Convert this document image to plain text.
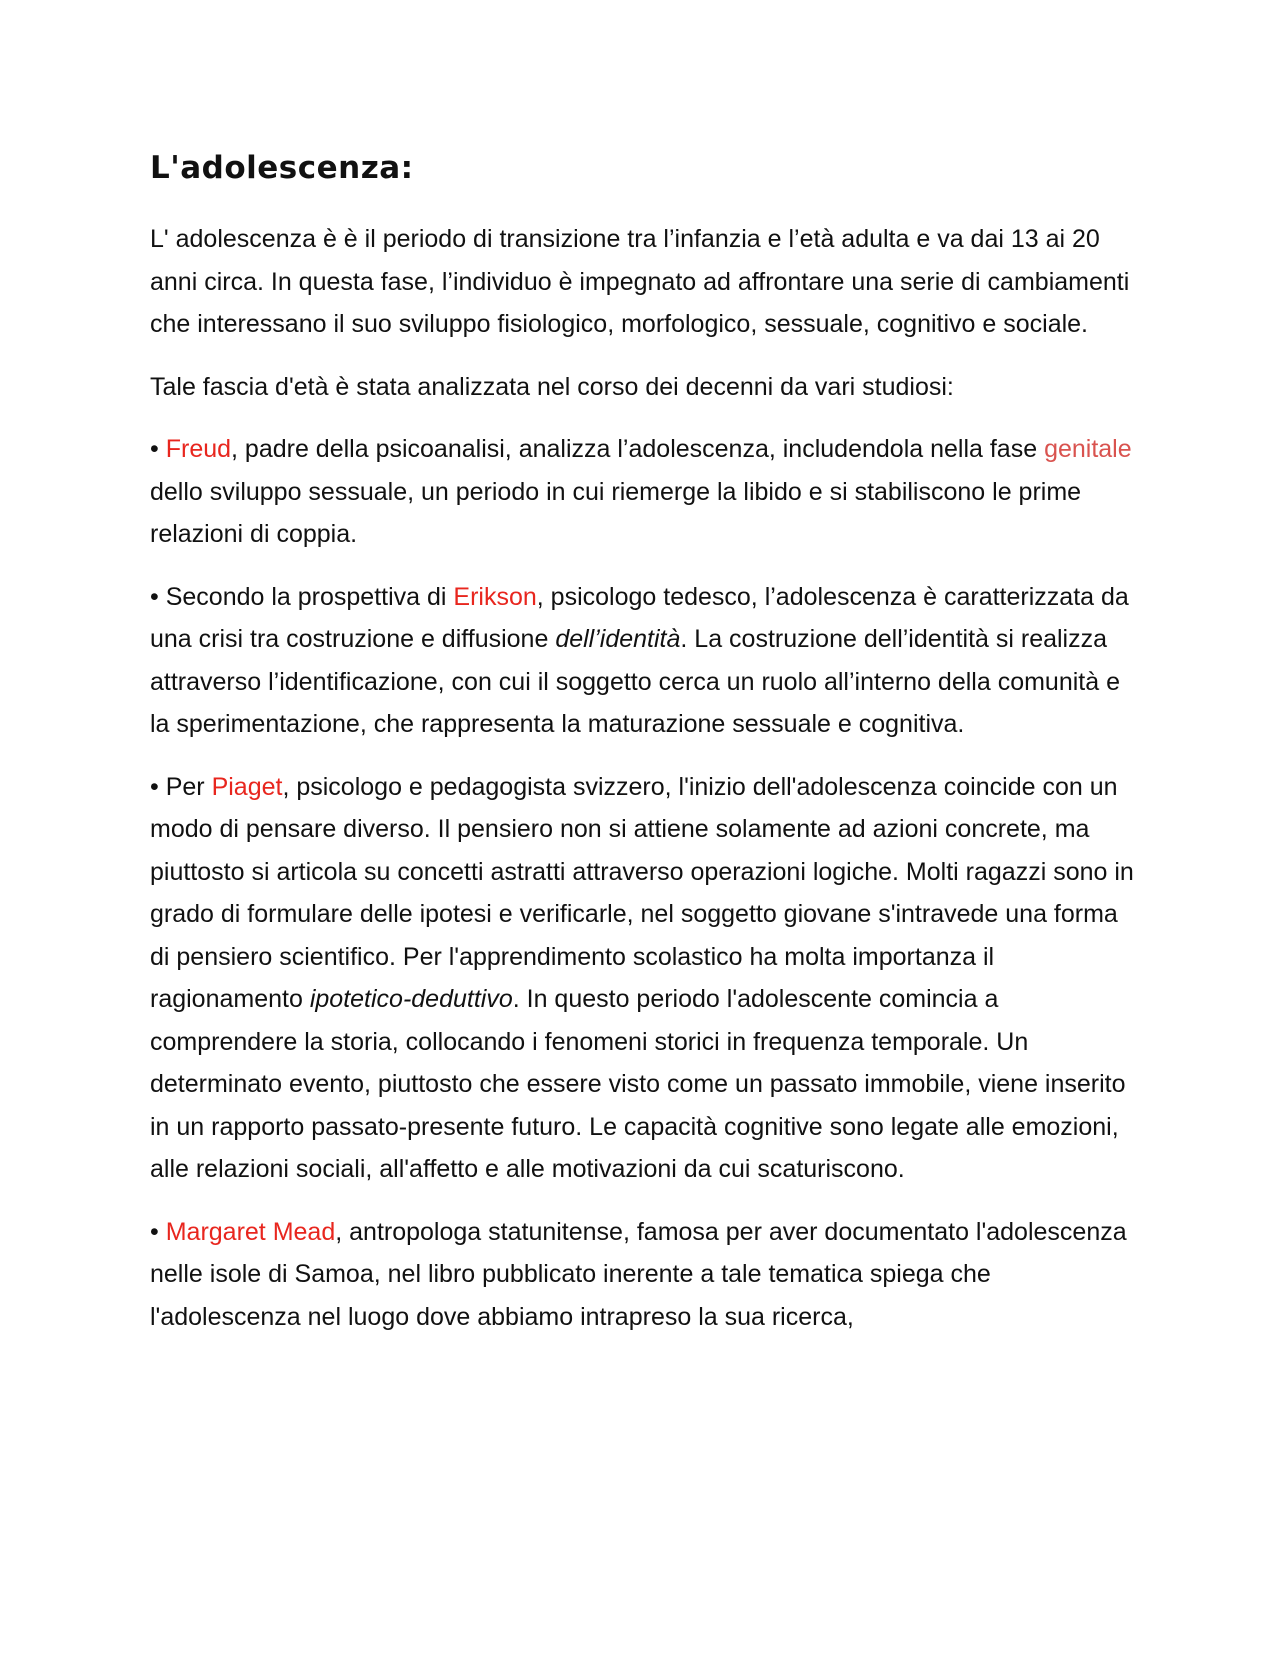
L'adolescenza:

L' adolescenza è è il periodo di transizione tra l’infanzia e l’età adulta e va dai 13 ai 20 anni circa. In questa fase, l’individuo è impegnato ad affrontare una serie di cambiamenti che interessano il suo sviluppo fisiologico, morfologico, sessuale, cognitivo e sociale.

Tale fascia d'età è stata analizzata nel corso dei decenni da vari studiosi:

• Freud, padre della psicoanalisi, analizza l’adolescenza, includendola nella fase genitale dello sviluppo sessuale, un periodo in cui riemerge la libido e si stabiliscono le prime relazioni di coppia.

• Secondo la prospettiva di Erikson, psicologo tedesco, l’adolescenza è caratterizzata da una crisi tra costruzione e diffusione dell’identità. La costruzione dell’identità si realizza attraverso l’identificazione, con cui il soggetto cerca un ruolo all’interno della comunità e la sperimentazione, che rappresenta la maturazione sessuale e cognitiva.

• Per Piaget, psicologo e pedagogista svizzero, l'inizio dell'adolescenza coincide con un modo di pensare diverso. Il pensiero non si attiene solamente ad azioni concrete, ma piuttosto si articola su concetti astratti attraverso operazioni logiche. Molti ragazzi sono in grado di formulare delle ipotesi e verificarle, nel soggetto giovane s'intravede una forma di pensiero scientifico. Per l'apprendimento scolastico ha molta importanza il ragionamento ipotetico-deduttivo. In questo periodo l'adolescente comincia a comprendere la storia, collocando i fenomeni storici in frequenza temporale. Un determinato evento, piuttosto che essere visto come un passato immobile, viene inserito in un rapporto passato-presente futuro. Le capacità cognitive sono legate alle emozioni, alle relazioni sociali, all'affetto e alle motivazioni da cui scaturiscono.

• Margaret Mead, antropologa statunitense, famosa per aver documentato l'adolescenza nelle isole di Samoa, nel libro pubblicato inerente a tale tematica spiega che l'adolescenza nel luogo dove abbiamo intrapreso la sua ricerca,
